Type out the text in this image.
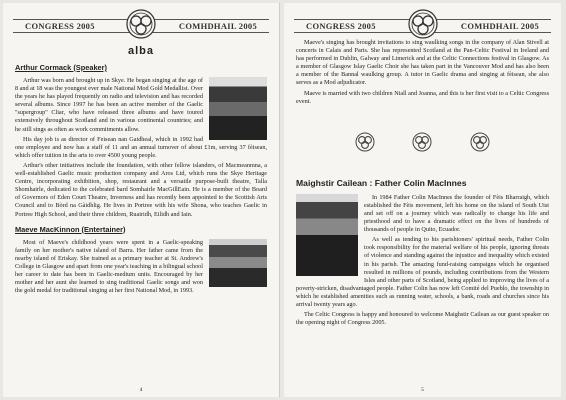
CONGRESS 2005	COMHDHAIL 2005
alba
Arthur Cormack (Speaker)

Arthur was born and brought up in Skye. He began singing at the age of 8 and at 18 was the youngest ever male National Mod Gold Medallist. Over the years he has played frequently on radio and television and has recorded several albums. Since 1997 he has been an active member of the Gaelic "supergroup" Cliar, who have released three albums and have toured extensively throughout Scotland and in various continental countries; and he still sings as often as work commitments allow.

His day job is as director of Feisean nan Gaidheal, which in 1992 had one employee and now has a staff of 11 and an annual turnover of about £1m, serving 37 fèisean, which offer tuition in the arts to over 4500 young people.

Arthur's other initiatives include the foundation, with other fellow islanders, of Macmeanmna, a well-established Gaelic music production company and Aros Ltd, which runs the Skye Heritage Centre, incorporating exhibition, shop, restaurant and a versatile purpose-built theatre, Talla Shomhairle, dedicated to the celebrated bard Somhairle MacGillEain. He is a member of the Board of Governors of Eden Court Theatre, Inverness and has recently been appointed to the Scottish Arts Council and to Bòrd na Gàidhlig. He lives in Portree with his wife Shona, who teaches Gaelic in Portree High School, and their three children, Ruairidh, Eilidh and Iain.

Maeve MacKinnon (Entertainer)

Most of Maeve's childhood years were spent in a Gaelic-speaking family on her mother's native island of Barra. Her father came from the nearby island of Eriskay. She trained as a primary teacher at St. Andrew's College in Glasgow and apart from one year's teaching in a bilingual school her career to date has been in Gaelic-medium units. Encouraged by her mother and her aunt she learned to sing traditional Gaelic songs and won the gold medal for traditional singing at her first National Mod, in 1993.

4
CONGRESS 2005	COMHDHAIL 2005

Maeve's singing has brought invitations to sing waulking songs in the company of Alan Stivell at concerts in Calais and Paris. She has represented Scotland at the Pan-Celtic Festival in Ireland and has performed in Dublin, Galway and Limerick and at the Celtic Connections festival in Glasgow. As a member of Glasgow Islay Gaelic Choir she has taken part in the Vancouver Mod and has also been a member of the Bannal waulking group. A tutor in Gaelic drama and singing at fèisean, she also serves as a Mod adjudicator.

Maeve is married with two children Niall and Joanna, and this is her first visit to a Celtic Congress event.

Maighstir Cailean : Father Colin MacInnes

In 1984 Father Colin MacInnes the founder of Fèis Bharraigh, which established the Fèis movement, left his home on the island of South Uist and set off on a journey which was radically to change his life and priesthood and to have a dramatic effect on the lives of hundreds of thousands of people in Quito, Ecuador.

As well as tending to his parishioners' spiritual needs, Father Colin took responsibility for the material welfare of his people, ignoring threats of violence and standing against the injustice and inequality which existed in his parish. The amazing fund-raising campaigns which he organised resulted in millions of pounds, including contributions from the Western Isles and other parts of Scotland, being applied to improving the lives of a poverty-stricken, disadvantaged people. Father Colin has now left Comité del Pueblo, the township in which he established amenities such as running water, schools, a bank, roads and churches since his arrival twenty years ago.

The Celtic Congress is happy and honoured to welcome Maighstir Cailean as our guest speaker on the opening night of Congress 2005.

5
